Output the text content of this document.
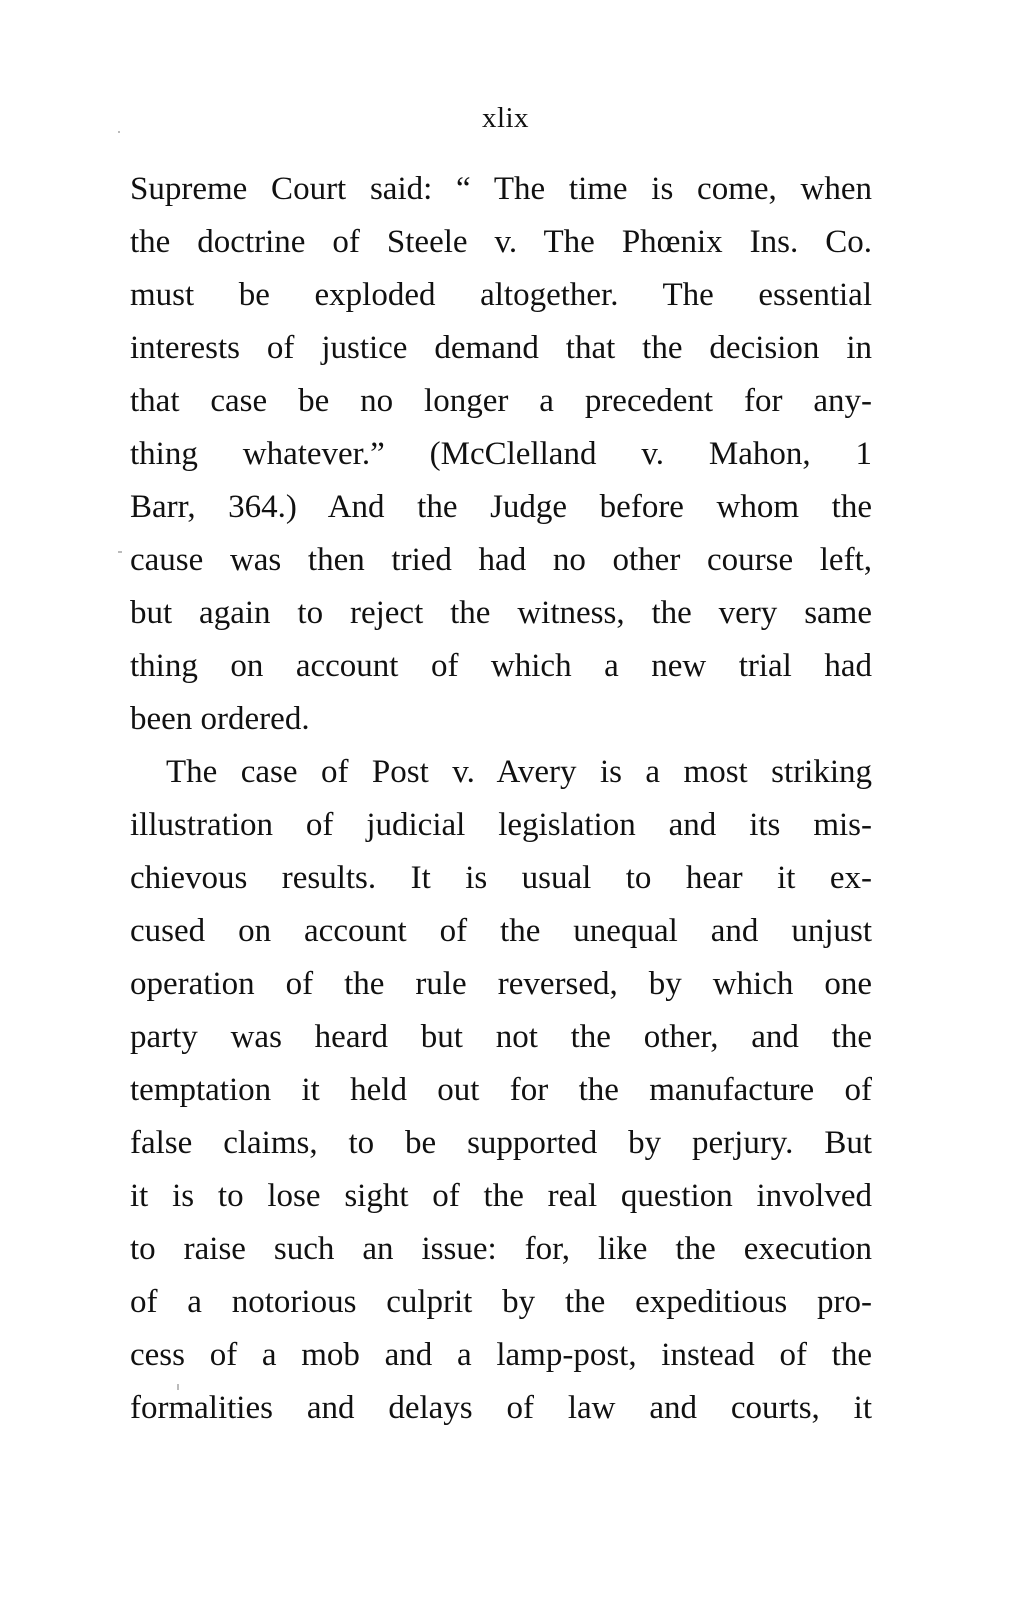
xlix
Supreme Court said: “ The time is come, when
the doctrine of Steele v. The Phœnix Ins. Co.
must be exploded altogether. The essential
interests of justice demand that the decision in
that case be no longer a precedent for any-
thing whatever.” (McClelland v. Mahon, 1
Barr, 364.) And the Judge before whom the
cause was then tried had no other course left,
but again to reject the witness, the very same
thing on account of which a new trial had
been ordered.
The case of Post v. Avery is a most striking
illustration of judicial legislation and its mis-
chievous results. It is usual to hear it ex-
cused on account of the unequal and unjust
operation of the rule reversed, by which one
party was heard but not the other, and the
temptation it held out for the manufacture of
false claims, to be supported by perjury. But
it is to lose sight of the real question involved
to raise such an issue: for, like the execution
of a notorious culprit by the expeditious pro-
cess of a mob and a lamp-post, instead of the
formalities and delays of law and courts, it
